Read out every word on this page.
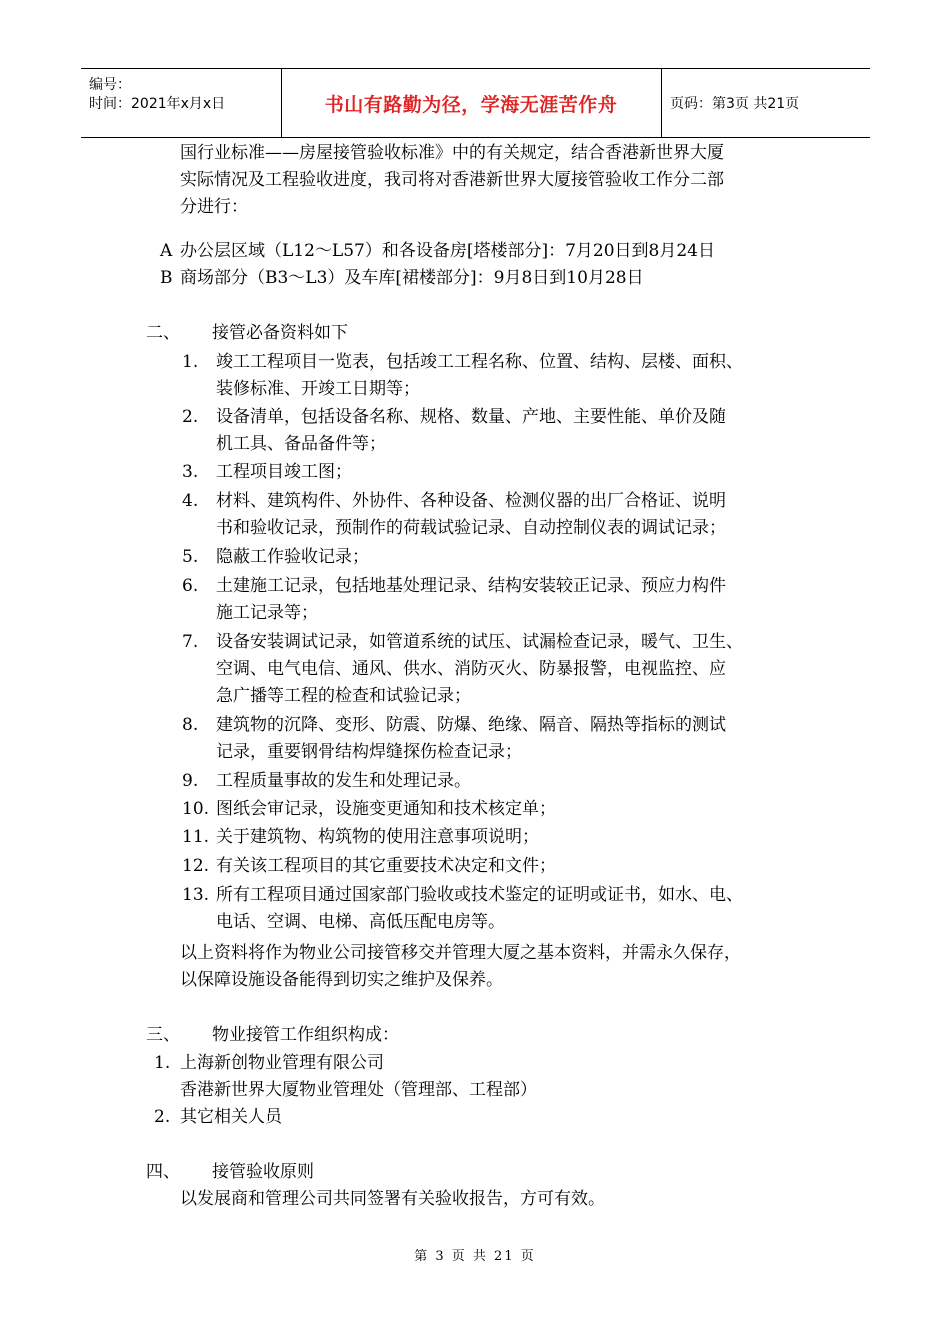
编号：
时间：2021年x月x日	书山有路勤为径，学海无涯苦作舟	页码：第3页 共21页
国行业标准——房屋接管验收标准》中的有关规定，结合香港新世界大厦
实际情况及工程验收进度，我司将对香港新世界大厦接管验收工作分二部
分进行：
A 办公层区域（L12～L57）和各设备房[塔楼部分]：7月20日到8月24日
B 商场部分（B3～L3）及车库[裙楼部分]：9月8日到10月28日
二、 接管必备资料如下
1. 竣工工程项目一览表，包括竣工工程名称、位置、结构、层楼、面积、
装修标准、开竣工日期等；
2. 设备清单，包括设备名称、规格、数量、产地、主要性能、单价及随
机工具、备品备件等；
3. 工程项目竣工图；
4. 材料、建筑构件、外协件、各种设备、检测仪器的出厂合格证、说明
书和验收记录，预制作的荷载试验记录、自动控制仪表的调试记录；
5. 隐蔽工作验收记录；
6. 土建施工记录，包括地基处理记录、结构安装较正记录、预应力构件
施工记录等；
7. 设备安装调试记录，如管道系统的试压、试漏检查记录，暖气、卫生、
空调、电气电信、通风、供水、消防灭火、防暴报警，电视监控、应
急广播等工程的检查和试验记录；
8. 建筑物的沉降、变形、防震、防爆、绝缘、隔音、隔热等指标的测试
记录，重要钢骨结构焊缝探伤检查记录；
9. 工程质量事故的发生和处理记录。
10. 图纸会审记录，设施变更通知和技术核定单；
11. 关于建筑物、构筑物的使用注意事项说明；
12. 有关该工程项目的其它重要技术决定和文件；
13. 所有工程项目通过国家部门验收或技术鉴定的证明或证书，如水、电、
电话、空调、电梯、高低压配电房等。
以上资料将作为物业公司接管移交并管理大厦之基本资料，并需永久保存，
以保障设施设备能得到切实之维护及保养。
三、 物业接管工作组织构成：
1. 上海新创物业管理有限公司
香港新世界大厦物业管理处（管理部、工程部）
2. 其它相关人员
四、 接管验收原则
以发展商和管理公司共同签署有关验收报告，方可有效。
第 3 页 共 21 页
